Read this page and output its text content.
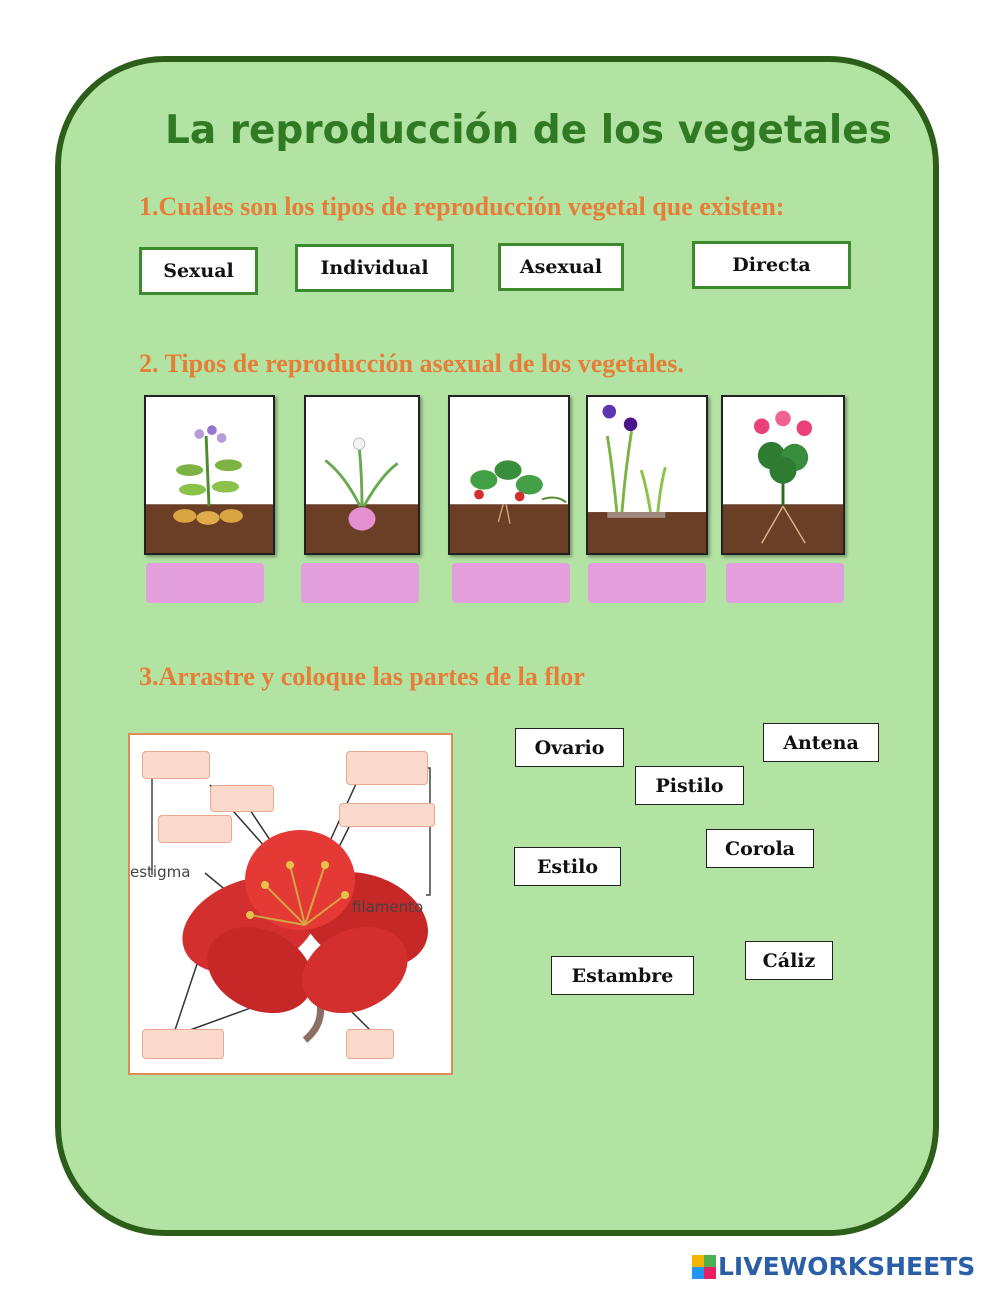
La reproducción de los vegetales
1.Cuales son los tipos de reproducción vegetal que existen:
Sexual	Individual	Asexual	Directa
2. Tipos de reproducción asexual de los vegetales.
3.Arrastre y coloque las partes de la flor
estigma
filamento
Ovario	Antena
Pistilo
Corola
Estilo
Cáliz
Estambre
LIVEWORKSHEETS
